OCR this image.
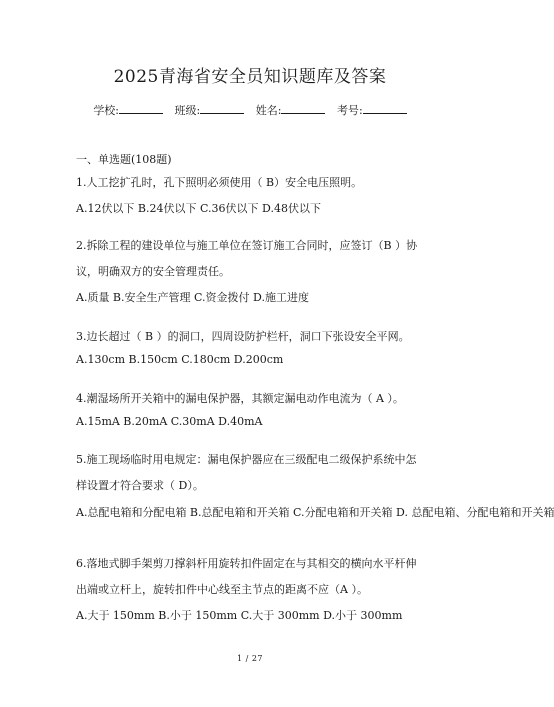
2025青海省安全员知识题库及答案
学校:	班级:	姓名:	考号:
一、单选题(108题)
1.人工挖扩孔时，孔下照明必须使用（ B）安全电压照明。
A.12伏以下 B.24伏以下 C.36伏以下 D.48伏以下
2.拆除工程的建设单位与施工单位在签订施工合同时，应签订（B ）协
议，明确双方的安全管理责任。
A.质量 B.安全生产管理 C.资金拨付 D.施工进度
3.边长超过（ B ）的洞口，四周设防护栏杆，洞口下张设安全平网。
A.130cm B.150cm C.180cm D.200cm
4.潮湿场所开关箱中的漏电保护器，其额定漏电动作电流为（ A ）。
A.15mA B.20mA C.30mA D.40mA
5.施工现场临时用电规定：漏电保护器应在三级配电二级保护系统中怎
样设置才符合要求（ D）。
A.总配电箱和分配电箱 B.总配电箱和开关箱 C.分配电箱和开关箱 D. 总配电箱、分配电箱和开关箱
6.落地式脚手架剪刀撑斜杆用旋转扣件固定在与其相交的横向水平杆伸
出端或立杆上，旋转扣件中心线至主节点的距离不应（A ）。
A.大于 150mm B.小于 150mm C.大于 300mm D.小于 300mm
1 / 27
